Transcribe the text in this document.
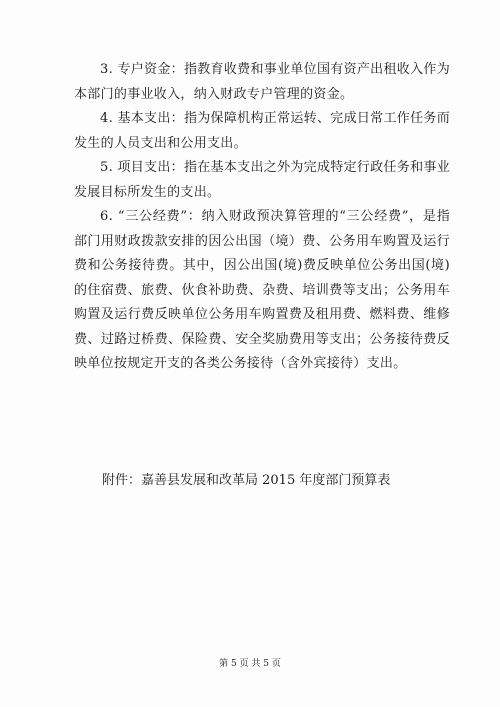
3. 专户资金：指教育收费和事业单位国有资产出租收入作为本部门的事业收入，纳入财政专户管理的资金。

4. 基本支出：指为保障机构正常运转、完成日常工作任务而发生的人员支出和公用支出。

5. 项目支出：指在基本支出之外为完成特定行政任务和事业发展目标所发生的支出。

6. “三公经费”：纳入财政预决算管理的“三公经费”，是指部门用财政拨款安排的因公出国（境）费、公务用车购置及运行费和公务接待费。其中，因公出国(境)费反映单位公务出国(境)的住宿费、旅费、伙食补助费、杂费、培训费等支出；公务用车购置及运行费反映单位公务用车购置费及租用费、燃料费、维修费、过路过桥费、保险费、安全奖励费用等支出；公务接待费反映单位按规定开支的各类公务接待（含外宾接待）支出。

附件：嘉善县发展和改革局 2015 年度部门预算表
第 5 页 共 5 页
